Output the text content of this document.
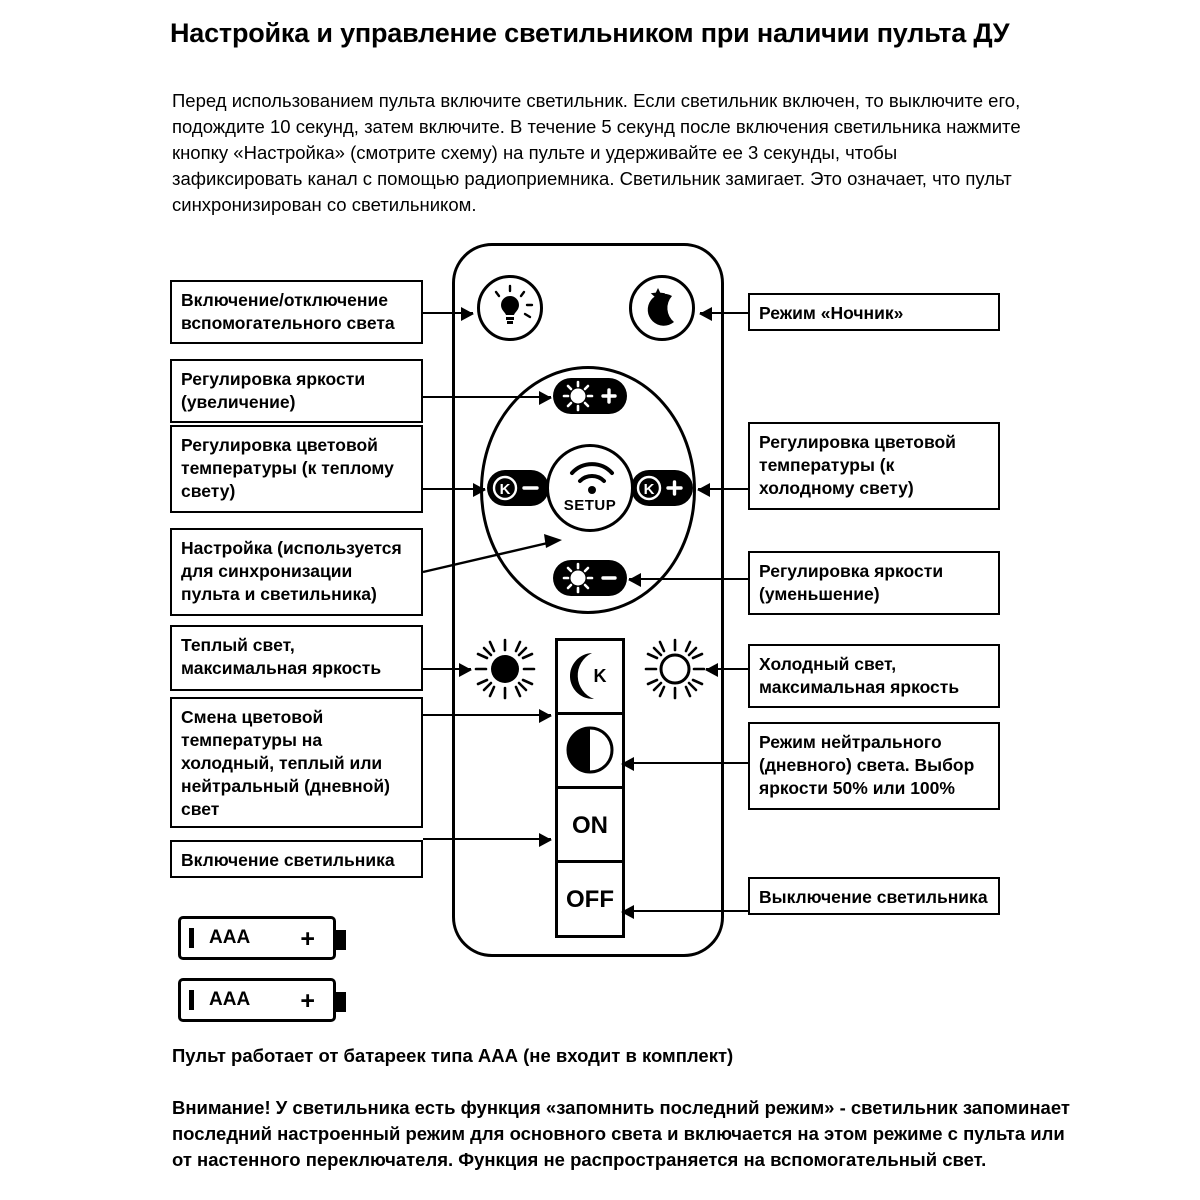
Настройка и управление светильником при наличии пульта ДУ
Перед использованием пульта включите светильник. Если светильник включен, то выключите его, подождите 10 секунд, затем включите. В течение 5 секунд после включения светильника нажмите кнопку «Настройка» (смотрите схему) на пульте и удерживайте ее 3 секунды, чтобы зафиксировать канал с помощью радиоприемника. Светильник замигает. Это означает, что пульт синхронизирован со светильником.
K	K
SETUP
K
ON
OFF
Включение/отключение вспомогательного света
Регулировка яркости (увеличение)
Регулировка цветовой температуры (к теплому свету)
Настройка (используется для синхронизации пульта и светильника)
Теплый свет, максимальная яркость
Смена цветовой температуры на холодный, теплый или нейтральный (дневной) свет
Включение светильника
Режим «Ночник»
Регулировка цветовой температуры (к холодному свету)
Регулировка яркости (уменьшение)
Холодный свет, максимальная яркость
Режим нейтрального (дневного) света. Выбор яркости 50% или 100%
Выключение светильника
AAA +
AAA +
Пульт работает от батареек типа ААА (не входит в комплект)
Внимание! У светильника есть функция «запомнить последний режим» - светильник запоминает последний настроенный режим для основного света и включается на этом режиме с пульта или от настенного переключателя. Функция не распространяется на вспомогательный свет.
